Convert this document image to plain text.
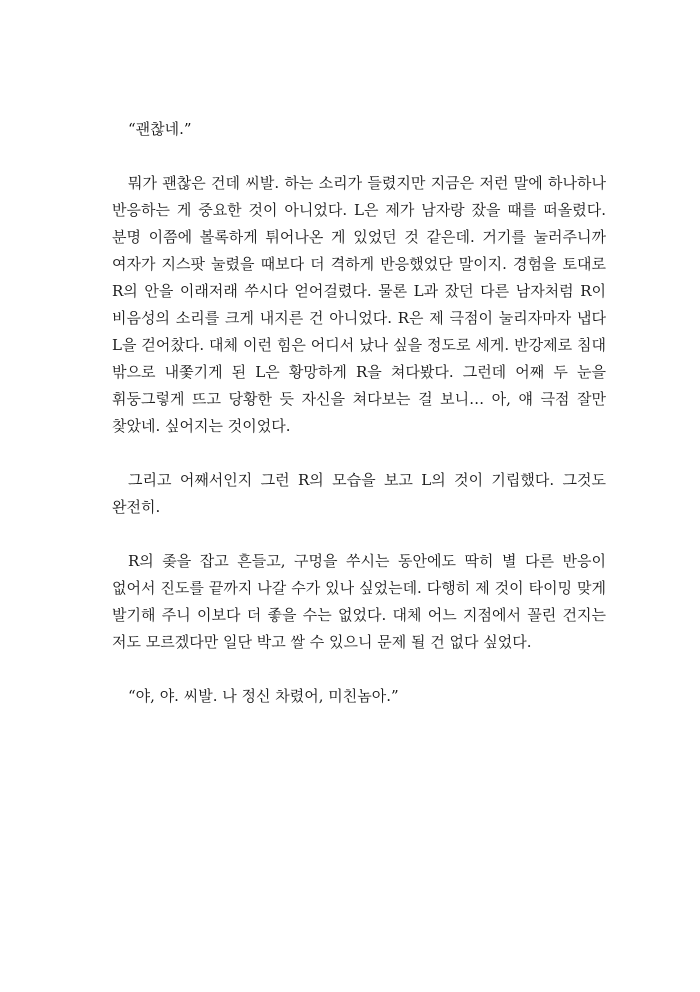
“괜찮네.”

뭐가 괜찮은 건데 씨발. 하는 소리가 들렸지만 지금은 저런 말에 하나하나 반응하는 게 중요한 것이 아니었다. L은 제가 남자랑 잤을 때를 떠올렸다. 분명 이쯤에 볼록하게 튀어나온 게 있었던 것 같은데. 거기를 눌러주니까 여자가 지스팟 눌렸을 때보다 더 격하게 반응했었단 말이지. 경험을 토대로 R의 안을 이래저래 쑤시다 얻어걸렸다. 물론 L과 잤던 다른 남자처럼 R이 비음성의 소리를 크게 내지른 건 아니었다. R은 제 극점이 눌리자마자 냅다 L을 걷어찼다. 대체 이런 힘은 어디서 났나 싶을 정도로 세게. 반강제로 침대 밖으로 내쫓기게 된 L은 황망하게 R을 쳐다봤다. 그런데 어째 두 눈을 휘둥그렇게 뜨고 당황한 듯 자신을 쳐다보는 걸 보니… 아, 얘 극점 잘만 찾았네. 싶어지는 것이었다.

그리고 어째서인지 그런 R의 모습을 보고 L의 것이 기립했다. 그것도 완전히.

R의 좆을 잡고 흔들고, 구멍을 쑤시는 동안에도 딱히 별 다른 반응이 없어서 진도를 끝까지 나갈 수가 있나 싶었는데. 다행히 제 것이 타이밍 맞게 발기해 주니 이보다 더 좋을 수는 없었다. 대체 어느 지점에서 꼴린 건지는 저도 모르겠다만 일단 박고 쌀 수 있으니 문제 될 건 없다 싶었다.

“야, 야. 씨발. 나 정신 차렸어, 미친놈아.”
